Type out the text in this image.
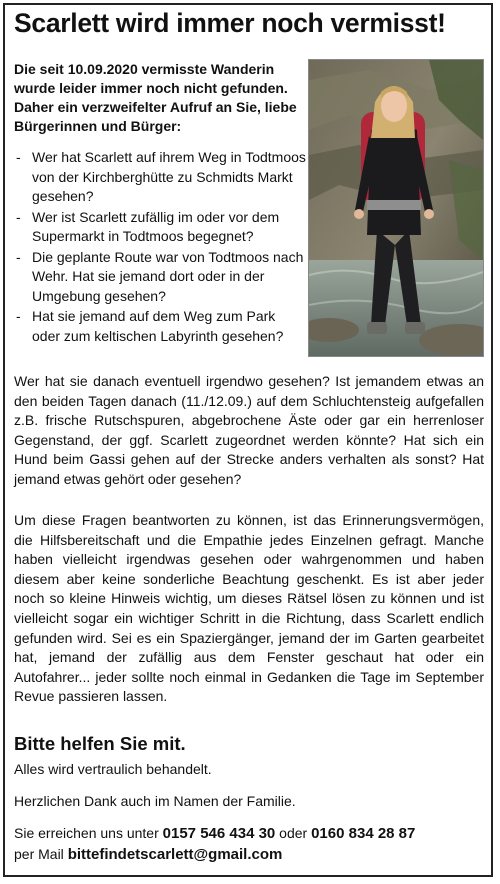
Scarlett wird immer noch vermisst!

Die seit 10.09.2020 vermisste Wanderin wurde leider immer noch nicht gefunden. Daher ein verzweifelter Aufruf an Sie, liebe Bürgerinnen und Bürger:

- Wer hat Scarlett auf ihrem Weg in Todtmoos von der Kirchberghütte zu Schmidts Markt gesehen?
- Wer ist Scarlett zufällig im oder vor dem Supermarkt in Todtmoos begegnet?
- Die geplante Route war von Todtmoos nach Wehr. Hat sie jemand dort oder in der Umgebung gesehen?
- Hat sie jemand auf dem Weg zum Park oder zum keltischen Labyrinth gesehen?

Wer hat sie danach eventuell irgendwo gesehen? Ist jemandem etwas an den beiden Tagen danach (11./12.09.) auf dem Schluchtensteig aufgefallen z.B. frische Rutschspuren, abgebrochene Äste oder gar ein herrenloser Gegenstand, der ggf. Scarlett zugeordnet werden könnte? Hat sich ein Hund beim Gassi gehen auf der Strecke anders verhalten als sonst? Hat jemand etwas gehört oder gesehen?

Um diese Fragen beantworten zu können, ist das Erinnerungsvermögen, die Hilfsbereitschaft und die Empathie jedes Einzelnen gefragt. Manche haben vielleicht irgendwas gesehen oder wahrgenommen und haben diesem aber keine sonderliche Beachtung geschenkt. Es ist aber jeder noch so kleine Hinweis wichtig, um dieses Rätsel lösen zu können und ist vielleicht sogar ein wichtiger Schritt in die Richtung, dass Scarlett endlich gefunden wird. Sei es ein Spaziergänger, jemand der im Garten gearbeitet hat, jemand der zufällig aus dem Fenster geschaut hat oder ein Autofahrer... jeder sollte noch einmal in Gedanken die Tage im September Revue passieren lassen.

Bitte helfen Sie mit.

Alles wird vertraulich behandelt.

Herzlichen Dank auch im Namen der Familie.

Sie erreichen uns unter 0157 546 434 30 oder 0160 834 28 87

per Mail bittefindetscarlett@gmail.com
